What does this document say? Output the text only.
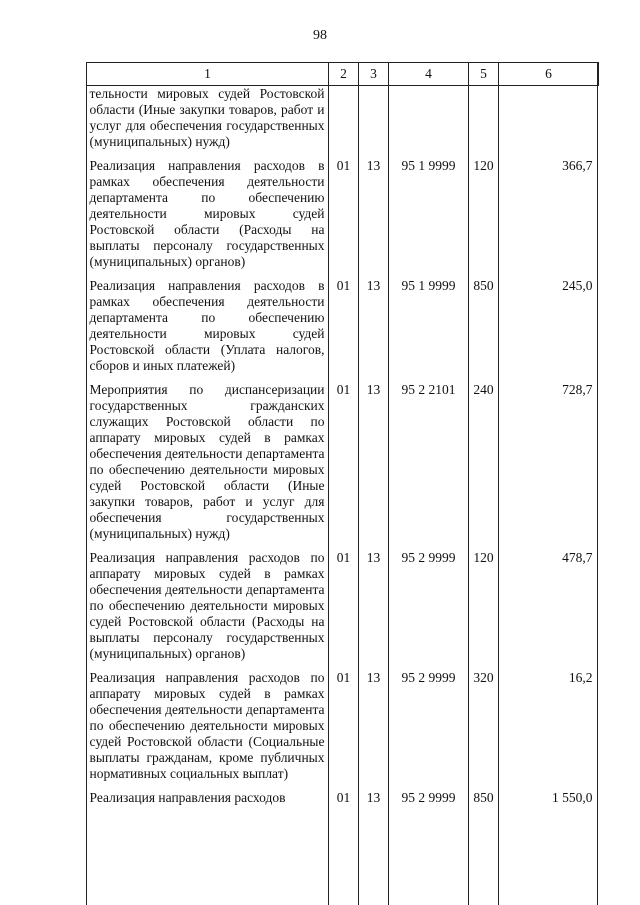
98
1	2	3	4	5	6
тельности мировых судей Ростовской области (Иные закупки товаров, работ и услуг для обеспечения государственных (муниципальных) нужд)					
Реализация направления расходов в рамках обеспечения деятельности департамента по обеспечению деятельности мировых судей Ростовской области (Расходы на выплаты персоналу государственных (муниципальных) органов)	01	13	95 1 9999	120	366,7
Реализация направления расходов в рамках обеспечения деятельности департамента по обеспечению деятельности мировых судей Ростовской области (Уплата налогов, сборов и иных платежей)	01	13	95 1 9999	850	245,0
Мероприятия по диспансеризации государственных гражданских служащих Ростовской области по аппарату мировых судей в рамках обеспечения деятельности департамента по обеспечению деятельности мировых судей Ростовской области (Иные закупки товаров, работ и услуг для обеспечения государственных (муниципальных) нужд)	01	13	95 2 2101	240	728,7
Реализация направления расходов по аппарату мировых судей в рамках обеспечения деятельности департамента по обеспечению деятельности мировых судей Ростовской области (Расходы на выплаты персоналу государственных (муниципальных) органов)	01	13	95 2 9999	120	478,7
Реализация направления расходов по аппарату мировых судей в рамках обеспечения деятельности департамента по обеспечению деятельности мировых судей Ростовской области (Социальные выплаты гражданам, кроме публичных нормативных социальных выплат)	01	13	95 2 9999	320	16,2
Реализация направления расходов	01	13	95 2 9999	850	1 550,0
